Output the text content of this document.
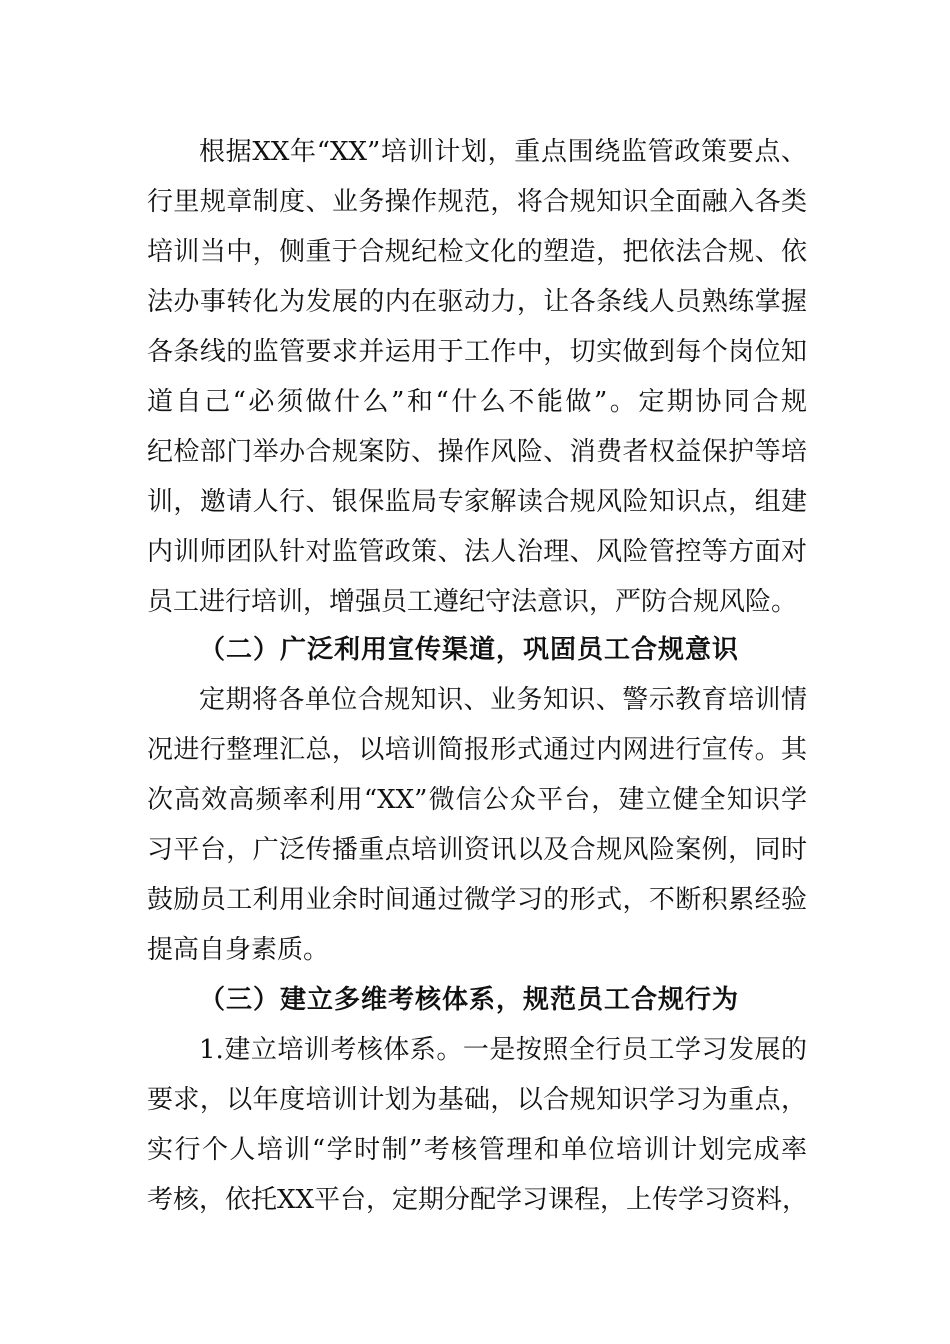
根据XX年“XX”培训计划，重点围绕监管政策要点、
行里规章制度、业务操作规范，将合规知识全面融入各类
培训当中，侧重于合规纪检文化的塑造，把依法合规、依
法办事转化为发展的内在驱动力，让各条线人员熟练掌握
各条线的监管要求并运用于工作中，切实做到每个岗位知
道自己“必须做什么”和“什么不能做”。定期协同合规
纪检部门举办合规案防、操作风险、消费者权益保护等培
训，邀请人行、银保监局专家解读合规风险知识点，组建
内训师团队针对监管政策、法人治理、风险管控等方面对
员工进行培训，增强员工遵纪守法意识，严防合规风险。
（二）广泛利用宣传渠道，巩固员工合规意识
定期将各单位合规知识、业务知识、警示教育培训情
况进行整理汇总，以培训简报形式通过内网进行宣传。其
次高效高频率利用“XX”微信公众平台，建立健全知识学
习平台，广泛传播重点培训资讯以及合规风险案例，同时
鼓励员工利用业余时间通过微学习的形式，不断积累经验
提高自身素质。
（三）建立多维考核体系，规范员工合规行为
1.建立培训考核体系。一是按照全行员工学习发展的
要求，以年度培训计划为基础，以合规知识学习为重点，
实行个人培训“学时制”考核管理和单位培训计划完成率
考核，依托XX平台，定期分配学习课程，上传学习资料，
